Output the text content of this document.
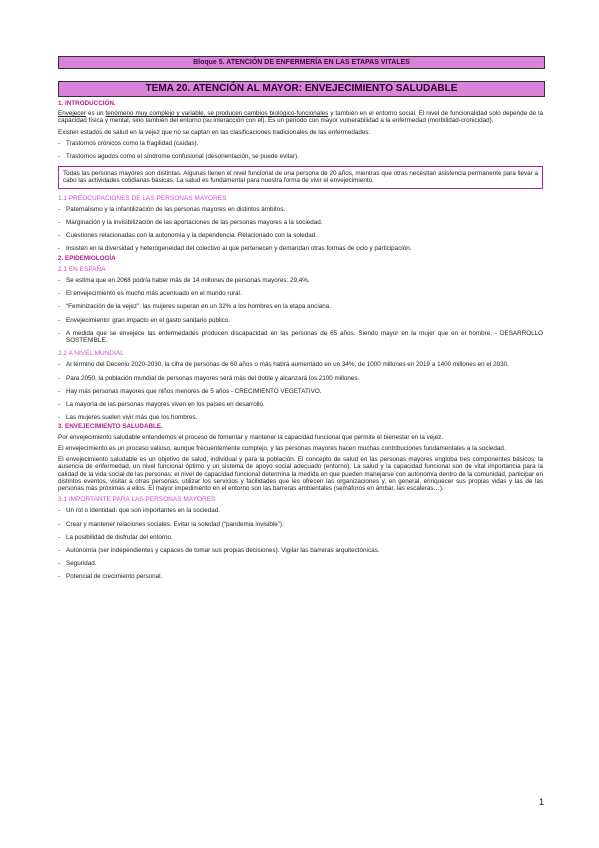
Bloque 5. ATENCIÓN DE ENFERMERÍA EN LAS ETAPAS VITALES
TEMA 20. ATENCIÓN AL MAYOR: ENVEJECIMIENTO SALUDABLE
1. INTRODUCCIÓN.

Envejecer es un fenómeno muy complejo y variable, se producen cambios biológico-funcionales y también en el entorno social. El nivel de funcionalidad solo depende de la capacidad física y mental, sino también del entorno (su interacción con el). Es un periodo con mayor vulnerabilidad a la enfermedad (morbilidad-cronicidad).

Existen estados de salud en la vejez que no se captan en las clasificaciones tradicionales de las enfermedades:

- Trastornos crónicos como la fragilidad (caídas).
- Trastornos agudos como el síndrome confusional (desorientación, se puede evitar).

Todas las personas mayores son distintas. Algunas tienen el nivel funcional de una persona de 20 años, mientras que otras necesitan asistencia permanente para llevar a cabo las actividades cotidianas básicas. La salud es fundamental para nuestra forma de vivir el envejecimiento.

1.1 PREOCUPACIONES DE LAS PERSONAS MAYORES
- Paternalismo y la infantilización de las personas mayores en distintos ámbitos.
- Marginación y la invisibilización de las aportaciones de las personas mayores a la sociedad.
- Cuestiones relacionadas con la autonomía y la dependencia. Relacionado con la soledad.
- Insisten en la diversidad y heterogeneidad del colectivo al que pertenecen y demandan otras formas de ocio y participación.
2. EPIDEMIOLOGÍA
2.1 EN ESPAÑA
- Se estima que en 2068 podría haber más de 14 millones de personas mayores: 29,4%.
- El envejecimiento es mucho más acentuado en el mundo rural.
- “Feminización de la vejez”: las mujeres superan en un 32% a los hombres en la etapa anciana.
- Envejecimiento: gran impacto en el gasto sanitario público.
- A medida que se envejece las enfermedades producen discapacidad en las personas de 65 años. Siendo mayor en la mujer que en el hombre. - DESARROLLO SOSTENIBLE.
2.2 A NIVEL MUNDIAL
- Al término del Decenio 2020-2030, la cifra de personas de 60 años o más habrá aumentado en un 34%, de 1000 millones en 2019 a 1400 millones en el 2030.
- Para 2050, la población mundial de personas mayores será más del doble y alcanzará los 2100 millones.
- Hay más personas mayores que niños menores de 5 años - CRECIMIENTO VEGETATIVO.
- La mayoría de las personas mayores viven en los países en desarrollo.
- Las mujeres suelen vivir más que los hombres.
3. ENVEJECIMIENTO SALUDABLE.

Por envejecimiento saludable entendemos el proceso de fomentar y mantener la capacidad funcional que permite el bienestar en la vejez.

El envejecimiento es un proceso valioso, aunque frecuentemente complejo, y las personas mayores hacen muchas contribuciones fundamentales a la sociedad.

El envejecimiento saludable es un objetivo de salud, individual y para la población. El concepto de salud en las personas mayores engloba tres componentes básicos: la ausencia de enfermedad, un nivel funcional óptimo y un sistema de apoyo social adecuado (entorno). La salud y la capacidad funcional son de vital importancia para la calidad de la vida social de las personas: el nivel de capacidad funcional determina la medida en que pueden manejarse con autonomía dentro de la comunidad, participar en distintos eventos, visitar a otras personas, utilizar los servicios y facilidades que les ofrecen las organizaciones y, en general, enriquecer sus propias vidas y las de las personas más próximas a ellos. El mayor impedimento en el entorno son las barreras ambientales (semáforos en ámbar, las escaleras…).

3.1 IMPORTANTE PARA LAS PERSONAS MAYORES
- Un rol o identidad: que son importantes en la sociedad.
- Crear y mantener relaciones sociales. Evitar la soledad (“pandemia invisible”).
- La posibilidad de disfrutar del entorno.
- Autonomía (ser independientes y capaces de tomar sus propias decisiones). Vigilar las barreras arquitectónicas.
- Seguridad.
- Potencial de crecimiento personal.
1
